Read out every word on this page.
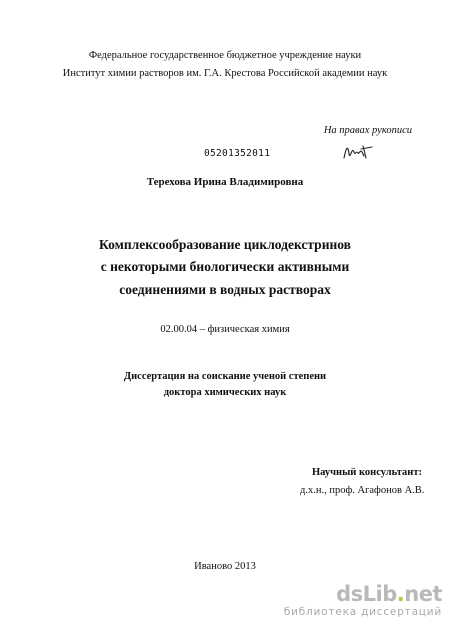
Федеральное государственное бюджетное учреждение науки
Институт химии растворов им. Г.А. Крестова Российской академии наук
На правах рукописи
05201352011
Терехова Ирина Владимировна
Комплексообразование циклодекстринов
с некоторыми биологически активными
соединениями в водных растворах
02.00.04 – физическая химия
Диссертация на соискание ученой степени
доктора химических наук
Научный консультант:
д.х.н., проф. Агафонов А.В.
Иваново 2013
dsLib.net
библиотека диссертаций
